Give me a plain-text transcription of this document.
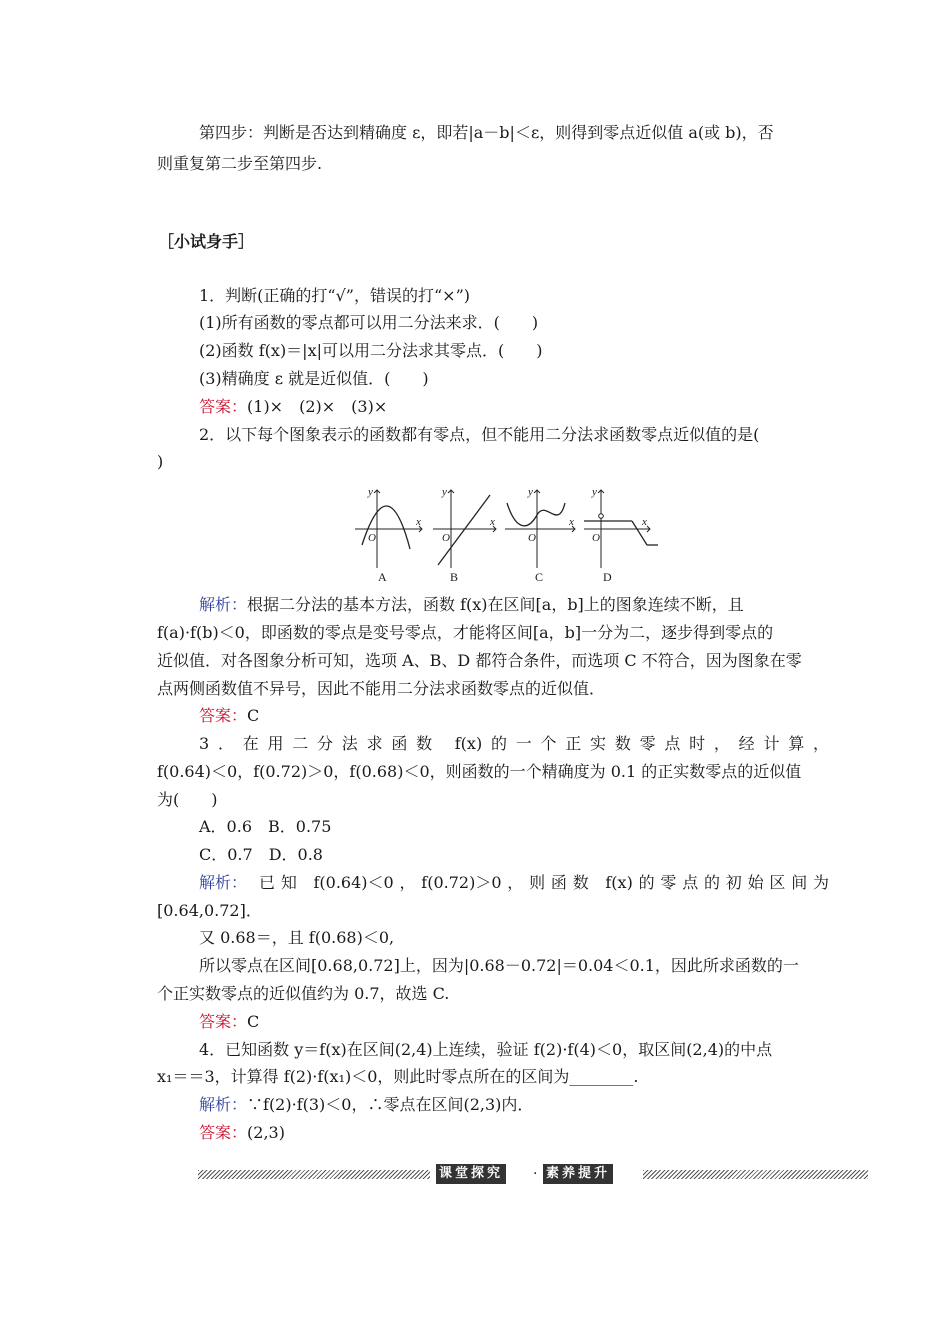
第四步：判断是否达到精确度 ε，即若|a－b|＜ε，则得到零点近似值 a(或 b)，否
则重复第二步至第四步.
［小试身手］
1．判断(正确的打“√”，错误的打“×”)
(1)所有函数的零点都可以用二分法来求．(　　)
(2)函数 f(x)＝|x|可以用二分法求其零点．(　　)
(3)精确度 ε 就是近似值．(　　)
答案：(1)×　(2)×　(3)×
2．以下每个图象表示的函数都有零点，但不能用二分法求函数零点近似值的是(
)
y
x
O
y
x
O
y
x
O
y
x
O
A	B	C	D
解析：根据二分法的基本方法，函数 f(x)在区间[a，b]上的图象连续不断，且
f(a)·f(b)＜0，即函数的零点是变号零点，才能将区间[a，b]一分为二，逐步得到零点的
近似值．对各图象分析可知，选项 A、B、D 都符合条件，而选项 C 不符合，因为图象在零
点两侧函数值不异号，因此不能用二分法求函数零点的近似值．
答案：C
3．在用二分法求函数 f(x)的一个正实数零点时，经计算，
f(0.64)＜0，f(0.72)＞0，f(0.68)＜0，则函数的一个精确度为 0.1 的正实数零点的近似值
为(　　)
A．0.6　B．0.75
C．0.7　D．0.8
解析： 已知 f(0.64)＜0，f(0.72)＞0，则函数 f(x)的零点的初始区间为
[0.64,0.72]．
又 0.68＝，且 f(0.68)＜0,
所以零点在区间[0.68,0.72]上，因为|0.68－0.72|＝0.04＜0.1，因此所求函数的一
个正实数零点的近似值约为 0.7，故选 C.
答案：C
4．已知函数 y＝f(x)在区间(2,4)上连续，验证 f(2)·f(4)＜0，取区间(2,4)的中点
x₁＝＝3，计算得 f(2)·f(x₁)＜0，则此时零点所在的区间为________.
解析：∵f(2)·f(3)＜0，∴零点在区间(2,3)内．
答案：(2,3)
课堂探究 · 素养提升
